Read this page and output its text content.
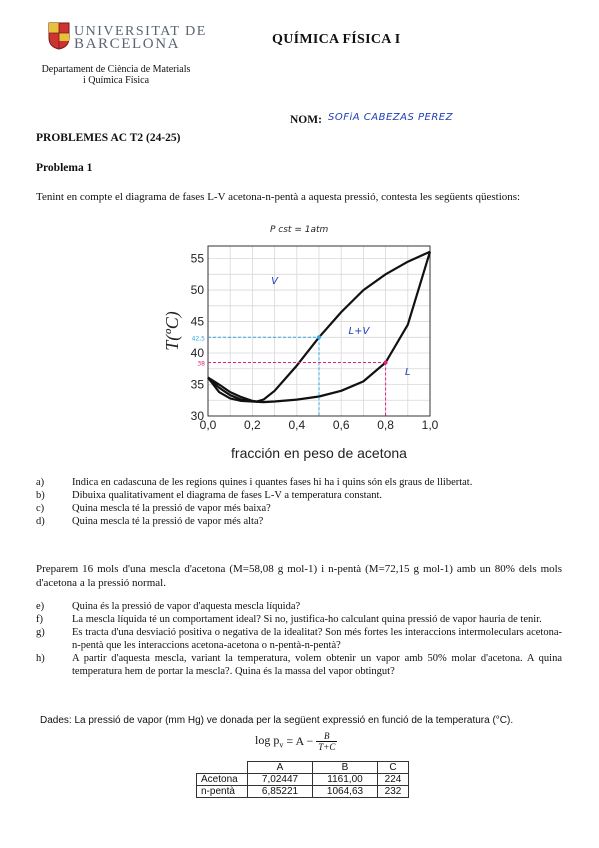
UNIVERSITAT DE
BARCELONA
Departament de Ciència de Materials
i Química Física
QUÍMICA FÍSICA I
NOM: SOFiA CABEZAS PEREZ
PROBLEMES AC T2 (24-25)
Problema 1
Tenint en compte el diagrama de fases L-V acetona-n-pentà a aquesta pressió, contesta les següents qüestions:
0,0 0,2 0,4 0,6 0,8 1,0
30
35
40
45
50
55
fracción en peso de acetona
T(ºC)
P cst = 1atm
42,5
38
V
L+V
L
a)	Indica en cadascuna de les regions quines i quantes fases hi ha i quins són els graus de llibertat.
b)	Dibuixa qualitativament el diagrama de fases L-V a temperatura constant.
c)	Quina mescla té la pressió de vapor més baixa?
d)	Quina mescla té la pressió de vapor més alta?
Preparem 16 mols d'una mescla d'acetona (M=58,08 g mol-1) i n-pentà (M=72,15 g mol-1) amb un 80% dels mols d'acetona a la pressió normal.
e)	Quina és la pressió de vapor d'aquesta mescla líquida?
f)	La mescla líquida té un comportament ideal? Si no, justifica-ho calculant quina pressió de vapor hauria de tenir.
g)	Es tracta d'una desviació positiva o negativa de la idealitat? Son més fortes les interaccions intermoleculars acetona-n-pentà que les interaccions acetona-acetona o n-pentà-n-pentà?
h)	A partir d'aquesta mescla, variant la temperatura, volem obtenir un vapor amb 50% molar d'acetona. A quina temperatura hem de portar la mescla?. Quina és la massa del vapor obtingut?
Dades: La pressió de vapor (mm Hg) ve donada per la següent expressió en funció de la temperatura (°C).
$\log p_v = A - \frac{B}{T+C}$
	A	B	C
Acetona	7,02447	1161,00	224
n-pentà	6,85221	1064,63	232
